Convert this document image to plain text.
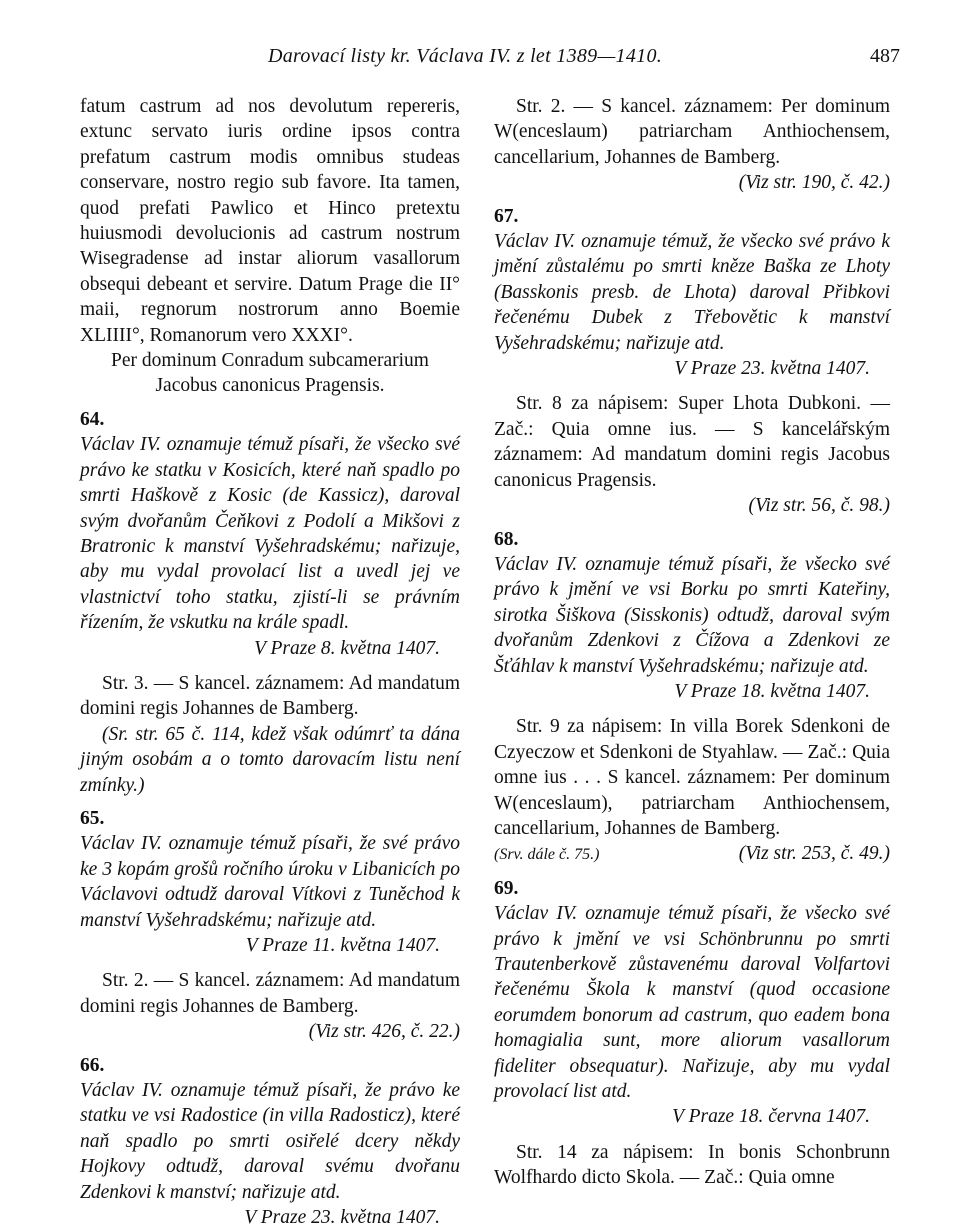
Darovací listy kr. Václava IV. z let 1389—1410.	487

fatum castrum ad nos devolutum repereris, extunc servato iuris ordine ipsos contra prefatum castrum modis omnibus studeas conservare, nostro regio sub favore. Ita tamen, quod prefati Pawlico et Hinco pretextu huiusmodi devolucionis ad castrum nostrum Wisegradense ad instar aliorum vasallorum obsequi debeant et servire. Datum Prage die II° maii, regnorum nostrorum anno Boemie XLIIII°, Romanorum vero XXXI°.

Per dominum Conradum subcamerarium

Jacobus canonicus Pragensis.

64.

Václav IV. oznamuje témuž písaři, že všecko své právo ke statku v Kosicích, které naň spadlo po smrti Haškově z Kosic (de Kassicz), daroval svým dvořanům Čeňkovi z Podolí a Mikšovi z Bratronic k manství Vyšehradskému; nařizuje, aby mu vydal provolací list a uvedl jej ve vlastnictví toho statku, zjistí-li se právním řízením, že vskutku na krále spadl.

V Praze 8. května 1407.

Str. 3. — S kancel. záznamem: Ad mandatum domini regis Johannes de Bamberg.

(Sr. str. 65 č. 114, kdež však odúmrť ta dána jiným osobám a o tomto darovacím listu není zmínky.)

65.

Václav IV. oznamuje témuž písaři, že své právo ke 3 kopám grošů ročního úroku v Libanicích po Václavovi odtudž daroval Vítkovi z Tuněchod k manství Vyšehradskému; nařizuje atd.

V Praze 11. května 1407.

Str. 2. — S kancel. záznamem: Ad mandatum domini regis Johannes de Bamberg.

(Viz str. 426, č. 22.)

66.

Václav IV. oznamuje témuž písaři, že právo ke statku ve vsi Radostice (in villa Radosticz), které naň spadlo po smrti osiřelé dcery někdy Hojkovy odtudž, daroval svému dvořanu Zdenkovi k manství; nařizuje atd.

V Praze 23. května 1407.

Str. 2. — S kancel. záznamem: Per dominum W(enceslaum) patriarcham Anthiochensem, cancellarium, Johannes de Bamberg.

(Viz str. 190, č. 42.)

67.

Václav IV. oznamuje témuž, že všecko své právo k jmění zůstalému po smrti kněze Baška ze Lhoty (Basskonis presb. de Lhota) daroval Přibkovi řečenému Dubek z Třebovětic k manství Vyšehradskému; nařizuje atd.

V Praze 23. května 1407.

Str. 8 za nápisem: Super Lhota Dubkoni. — Zač.: Quia omne ius. — S kancelářským záznamem: Ad mandatum domini regis Jacobus canonicus Pragensis.

(Viz str. 56, č. 98.)

68.

Václav IV. oznamuje témuž písaři, že všecko své právo k jmění ve vsi Borku po smrti Kateřiny, sirotka Šiškova (Sisskonis) odtudž, daroval svým dvořanům Zdenkovi z Čížova a Zdenkovi ze Šťáhlav k manství Vyšehradskému; nařizuje atd.

V Praze 18. května 1407.

Str. 9 za nápisem: In villa Borek Sdenkoni de Czyeczow et Sdenkoni de Styahlaw. — Zač.: Quia omne ius . . . S kancel. záznamem: Per dominum W(enceslaum), patriarcham Anthiochensem, cancellarium, Johannes de Bamberg.

(Srv. dále č. 75.)	(Viz str. 253, č. 49.)

69.

Václav IV. oznamuje témuž písaři, že všecko své právo k jmění ve vsi Schönbrunnu po smrti Trautenberkově zůstavenému daroval Volfartovi řečenému Škola k manství (quod occasione eorumdem bonorum ad castrum, quo eadem bona homagialia sunt, more aliorum vasallorum fideliter obsequatur). Nařizuje, aby mu vydal provolací list atd.

V Praze 18. června 1407.

Str. 14 za nápisem: In bonis Schonbrunn Wolfhardo dicto Skola. — Zač.: Quia omne
